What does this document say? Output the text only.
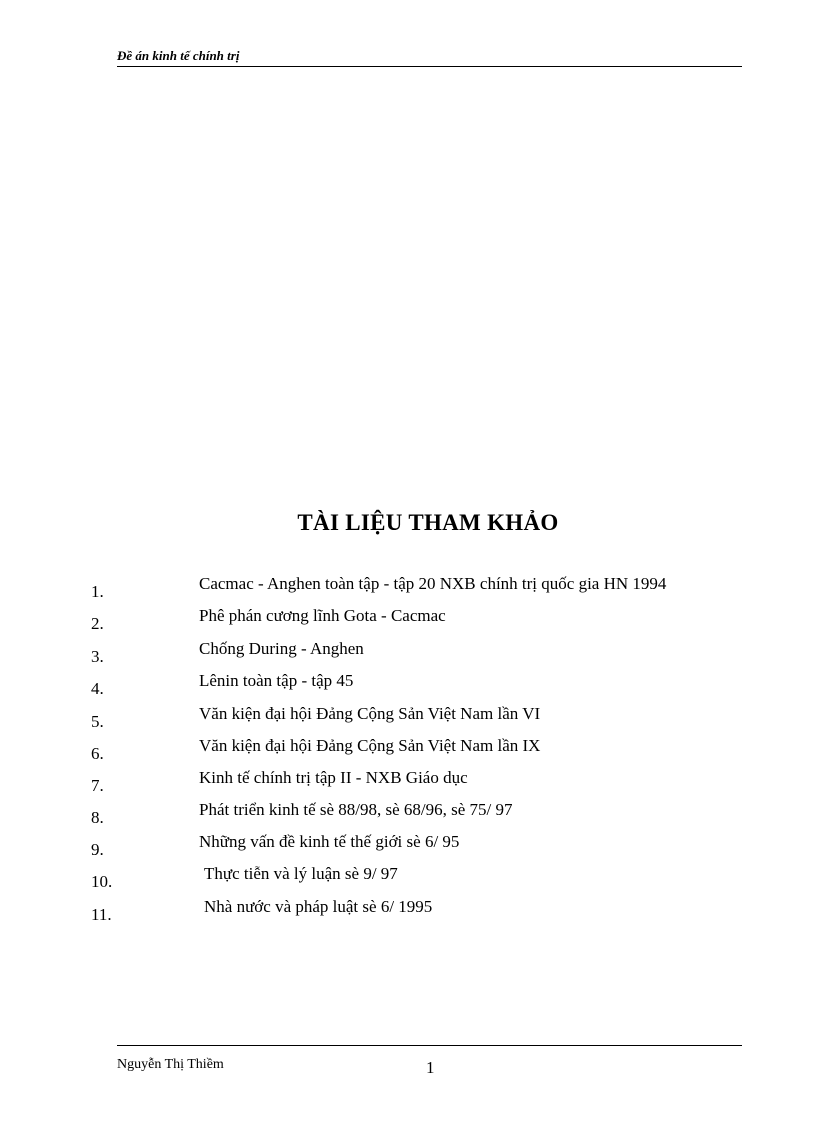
Đề án kinh tế chính trị
TÀI LIỆU THAM KHẢO
1.	Cacmac - Anghen toàn tập - tập 20 NXB chính trị quốc gia HN 1994
2.	Phê phán cương lĩnh Gota - Cacmac
3.	Chống During - Anghen
4.	Lênin toàn tập - tập 45
5.	Văn kiện đại hội Đảng Cộng Sản Việt Nam lần VI
6.	Văn kiện đại hội Đảng Cộng Sản Việt Nam lần IX
7.	Kinh tế chính trị tập II - NXB Giáo dục
8.	Phát triển kinh tế sè 88/98, sè 68/96, sè 75/ 97
9.	Những vấn đề kinh tế thế giới sè 6/ 95
10.	Thực tiễn và lý luận sè 9/ 97
11.	Nhà nước và pháp luật sè 6/ 1995
Nguyễn Thị Thiềm	1
